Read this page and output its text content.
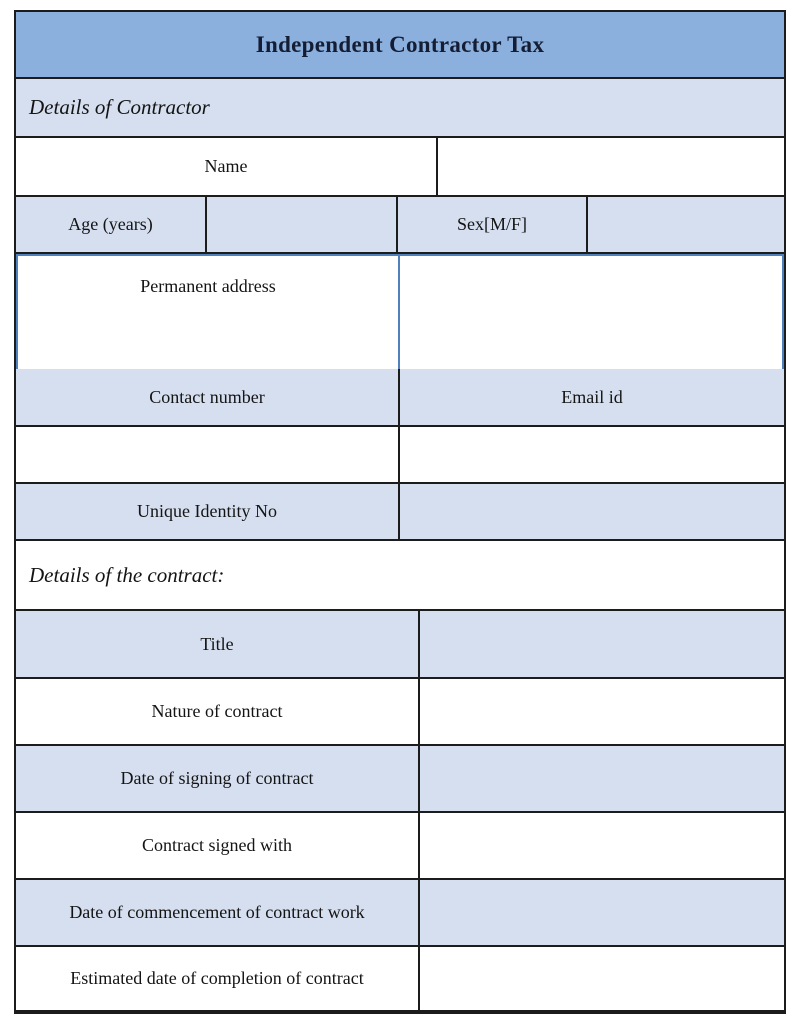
Independent Contractor Tax
Details of Contractor
Name
Age (years)	Sex[M/F]
Permanent address
Contact number	Email id
Unique Identity No
Details of the contract:
Title
Nature of contract
Date of signing of contract
Contract signed with
Date of commencement of contract work
Estimated date of completion of contract
